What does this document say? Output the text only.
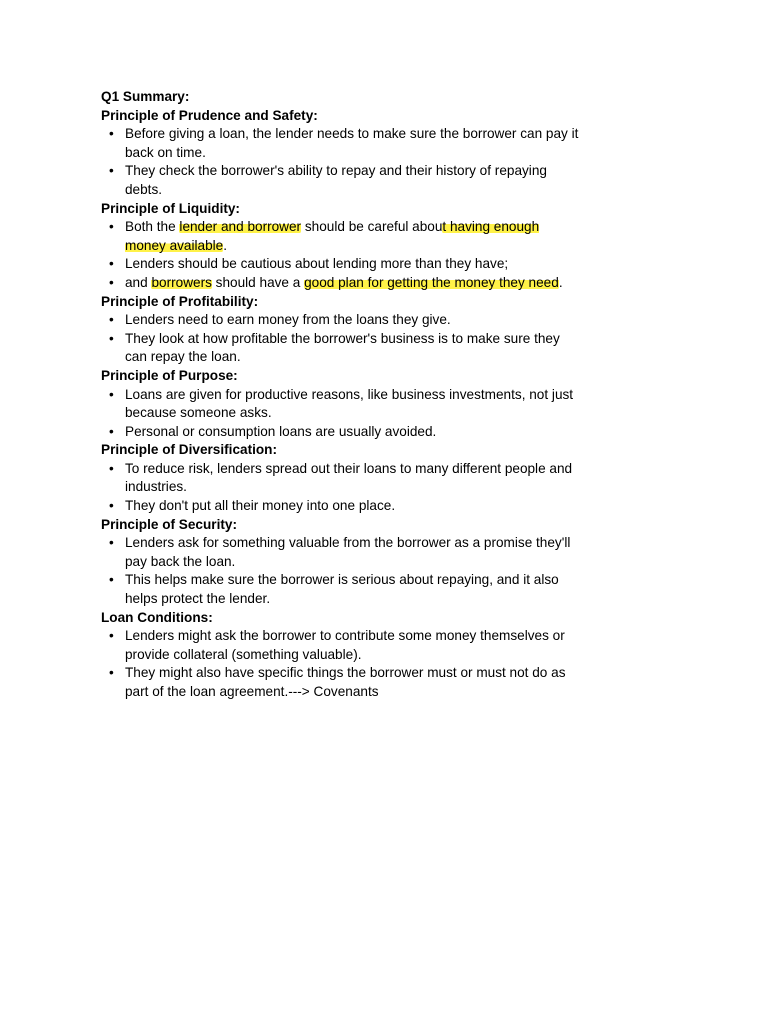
Q1 Summary:

Principle of Prudence and Safety:

• Before giving a loan, the lender needs to make sure the borrower can pay it back on time.
• They check the borrower's ability to repay and their history of repaying debts.

Principle of Liquidity:

• Both the lender and borrower should be careful about having enough money available.
• Lenders should be cautious about lending more than they have;
• and borrowers should have a good plan for getting the money they need.

Principle of Profitability:

• Lenders need to earn money from the loans they give.
• They look at how profitable the borrower's business is to make sure they can repay the loan.

Principle of Purpose:

• Loans are given for productive reasons, like business investments, not just because someone asks.
• Personal or consumption loans are usually avoided.

Principle of Diversification:

• To reduce risk, lenders spread out their loans to many different people and industries.
• They don't put all their money into one place.

Principle of Security:

• Lenders ask for something valuable from the borrower as a promise they'll pay back the loan.
• This helps make sure the borrower is serious about repaying, and it also helps protect the lender.

Loan Conditions:

• Lenders might ask the borrower to contribute some money themselves or provide collateral (something valuable).
• They might also have specific things the borrower must or must not do as part of the loan agreement.---> Covenants
